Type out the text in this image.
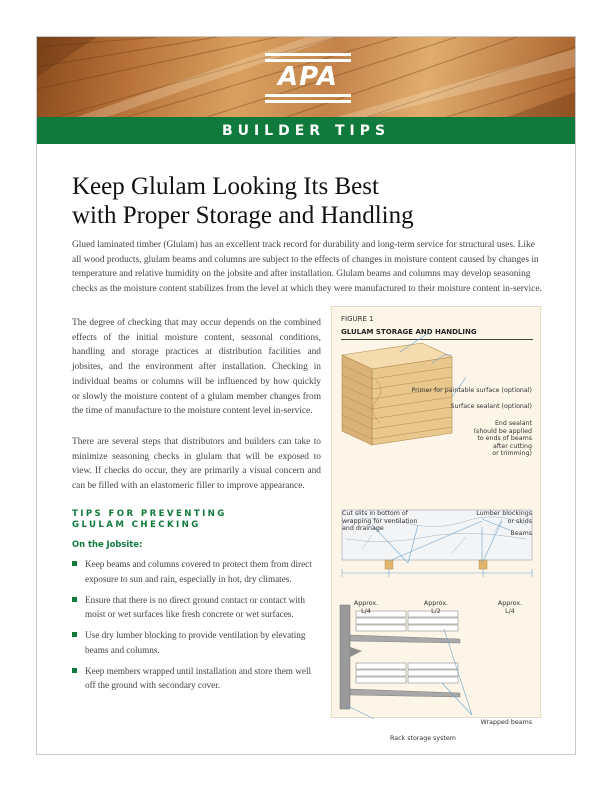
APA
BUILDER TIPS
Keep Glulam Looking Its Best
with Proper Storage and Handling

Glued laminated timber (Glulam) has an excellent track record for durability and long-term service for structural uses. Like all wood products, glulam beams and columns are subject to the effects of changes in moisture content caused by changes in temperature and relative humidity on the jobsite and after installation. Glulam beams and columns may develop seasoning checks as the moisture content stabilizes from the level at which they were manufactured to their moisture content in-service.

The degree of checking that may occur depends on the combined effects of the initial moisture content, seasonal conditions, handling and storage practices at distribution facilities and jobsites, and the environment after installation. Checking in individual beams or columns will be influenced by how quickly or slowly the moisture content of a glulam member changes from the time of manufacture to the moisture content level in-service.

There are several steps that distributors and builders can take to minimize seasoning checks in glulam that will be exposed to view. If checks do occur, they are primarily a visual concern and can be filled with an elastomeric filler to improve appearance.

TIPS FOR PREVENTING
GLULAM CHECKING

On the Jobsite:

Keep beams and columns covered to protect them from direct exposure to sun and rain, especially in hot, dry climates.
Ensure that there is no direct ground contact or contact with moist or wet surfaces like fresh concrete or wet surfaces.
Use dry lumber blocking to provide ventilation by elevating beams and columns.
Keep members wrapped until installation and store them well off the ground with secondary cover.

FIGURE 1

GLULAM STORAGE AND HANDLING

Primer for paintable surface (optional)

Surface sealant (optional)

End sealant
(should be applied
to ends of beams
after cutting
or trimming)

Cut slits in bottom of
wrapping for ventilation
and drainage

Lumber blockings
or skids

Beams

Approx.
L/4

Approx.
L/2

Approx.
L/4

Wrapped beams

Rack storage system
